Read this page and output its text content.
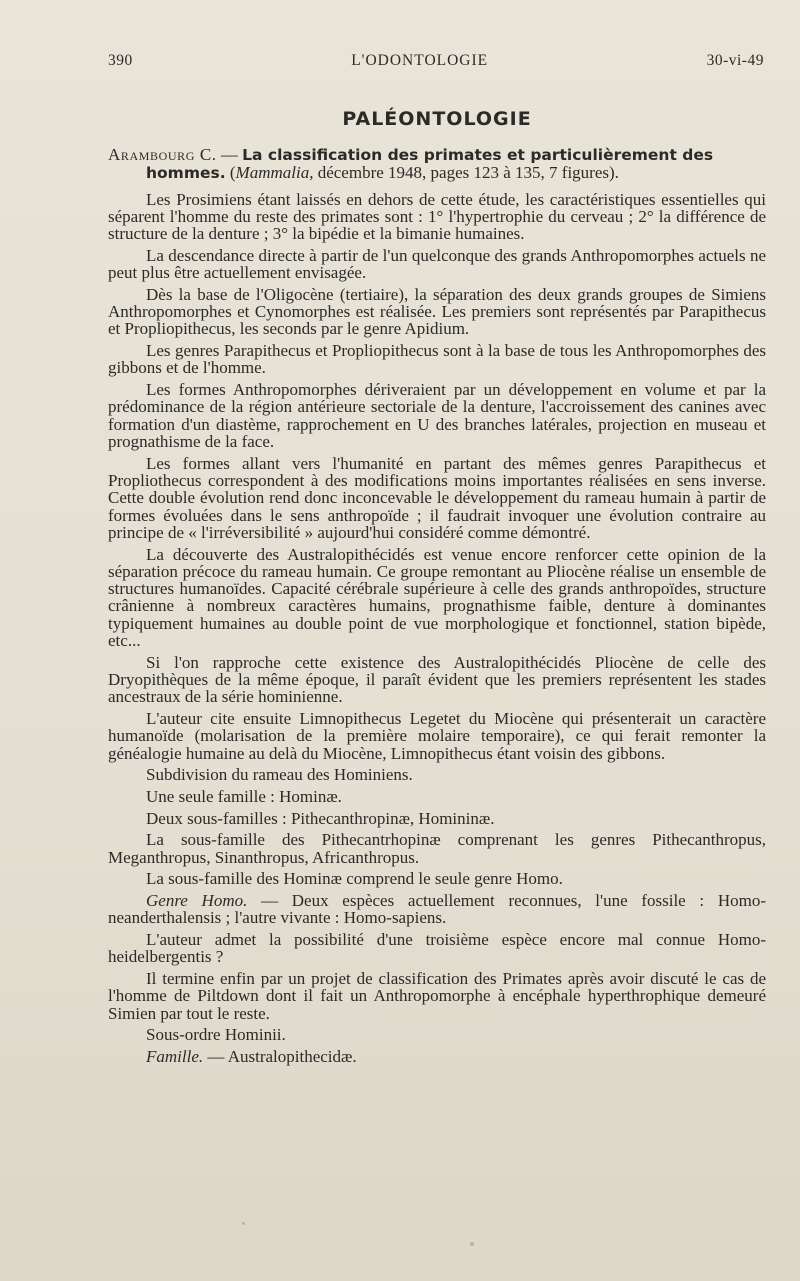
390	L'ODONTOLOGIE	30-vi-49
PALÉONTOLOGIE
Arambourg C. — La classification des primates et particulièrement des
hommes. (Mammalia, décembre 1948, pages 123 à 135, 7 figures).

Les Prosimiens étant laissés en dehors de cette étude, les caractéristiques essentielles qui séparent l'homme du reste des primates sont : 1° l'hypertrophie du cerveau ; 2° la différence de structure de la denture ; 3° la bipédie et la bimanie humaines.

La descendance directe à partir de l'un quelconque des grands Anthropomorphes actuels ne peut plus être actuellement envisagée.

Dès la base de l'Oligocène (tertiaire), la séparation des deux grands groupes de Simiens Anthropomorphes et Cynomorphes est réalisée. Les premiers sont représentés par Parapithecus et Propliopithecus, les seconds par le genre Apidium.

Les genres Parapithecus et Propliopithecus sont à la base de tous les Anthropomorphes des gibbons et de l'homme.

Les formes Anthropomorphes dériveraient par un développement en volume et par la prédominance de la région antérieure sectoriale de la denture, l'accroissement des canines avec formation d'un diastème, rapprochement en U des branches latérales, projection en museau et prognathisme de la face.

Les formes allant vers l'humanité en partant des mêmes genres Parapithecus et Propliothecus correspondent à des modifications moins importantes réalisées en sens inverse. Cette double évolution rend donc inconcevable le développement du rameau humain à partir de formes évoluées dans le sens anthropoïde ; il faudrait invoquer une évolution contraire au principe de « l'irréversibilité » aujourd'hui considéré comme démontré.

La découverte des Australopithécidés est venue encore renforcer cette opinion de la séparation précoce du rameau humain. Ce groupe remontant au Pliocène réalise un ensemble de structures humanoïdes. Capacité cérébrale supérieure à celle des grands anthropoïdes, structure crânienne à nombreux caractères humains, prognathisme faible, denture à dominantes typiquement humaines au double point de vue morphologique et fonctionnel, station bipède, etc...

Si l'on rapproche cette existence des Australopithécidés Pliocène de celle des Dryopithèques de la même époque, il paraît évident que les premiers représentent les stades ancestraux de la série hominienne.

L'auteur cite ensuite Limnopithecus Legetet du Miocène qui présenterait un caractère humanoïde (molarisation de la première molaire temporaire), ce qui ferait remonter la généalogie humaine au delà du Miocène, Limnopithecus étant voisin des gibbons.

Subdivision du rameau des Hominiens.

Une seule famille : Hominæ.

Deux sous-familles : Pithecanthropinæ, Homininæ.

La sous-famille des Pithecantrhopinæ comprenant les genres Pithecanthropus, Meganthropus, Sinanthropus, Africanthropus.

La sous-famille des Hominæ comprend le seule genre Homo.

Genre Homo. — Deux espèces actuellement reconnues, l'une fossile : Homo-neanderthalensis ; l'autre vivante : Homo-sapiens.

L'auteur admet la possibilité d'une troisième espèce encore mal connue Homo-heidelbergentis ?

Il termine enfin par un projet de classification des Primates après avoir discuté le cas de l'homme de Piltdown dont il fait un Anthropomorphe à encéphale hyperthrophique demeuré Simien par tout le reste.

Sous-ordre Hominii.

Famille. — Australopithecidæ.
